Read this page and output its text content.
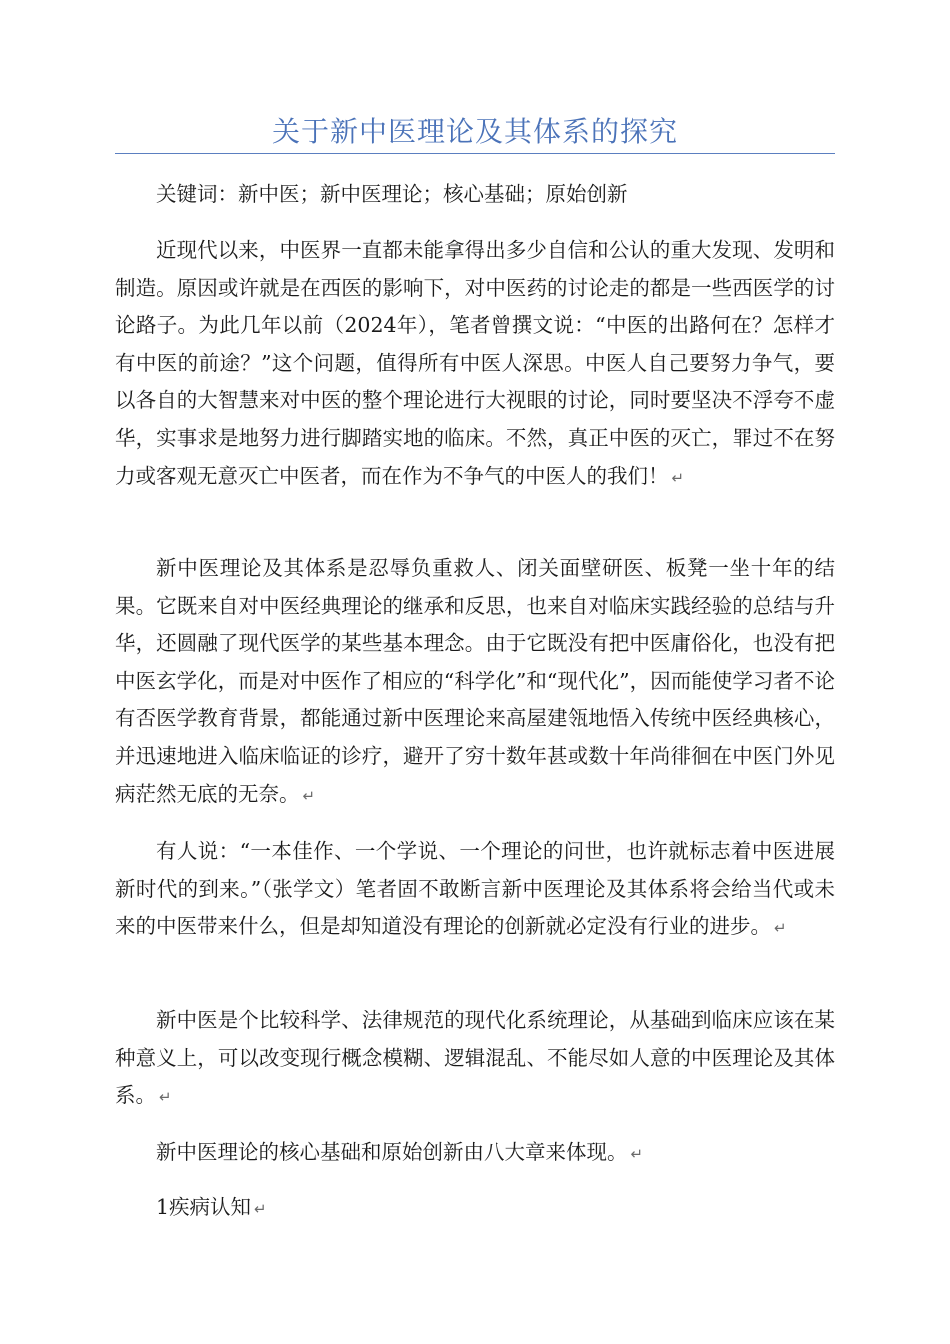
关于新中医理论及其体系的探究

关键词：新中医；新中医理论；核心基础；原始创新

近现代以来，中医界一直都未能拿得出多少自信和公认的重大发现、发明和制造。原因或许就是在西医的影响下，对中医药的讨论走的都是一些西医学的讨论路子。为此几年以前（2024年），笔者曾撰文说：“中医的出路何在？怎样才有中医的前途？”这个问题，值得所有中医人深思。中医人自己要努力争气，要以各自的大智慧来对中医的整个理论进行大视眼的讨论，同时要坚决不浮夸不虚华，实事求是地努力进行脚踏实地的临床。不然，真正中医的灭亡，罪过不在努力或客观无意灭亡中医者，而在作为不争气的中医人的我们！ ↵

新中医理论及其体系是忍辱负重救人、闭关面壁研医、板凳一坐十年的结果。它既来自对中医经典理论的继承和反思，也来自对临床实践经验的总结与升华，还圆融了现代医学的某些基本理念。由于它既没有把中医庸俗化，也没有把中医玄学化，而是对中医作了相应的“科学化”和“现代化”，因而能使学习者不论有否医学教育背景，都能通过新中医理论来高屋建瓴地悟入传统中医经典核心，并迅速地进入临床临证的诊疗，避开了穷十数年甚或数十年尚徘徊在中医门外见病茫然无底的无奈。 ↵

有人说：“一本佳作、一个学说、一个理论的问世，也许就标志着中医进展新时代的到来。”（张学文）笔者固不敢断言新中医理论及其体系将会给当代或未来的中医带来什么，但是却知道没有理论的创新就必定没有行业的进步。 ↵

新中医是个比较科学、法律规范的现代化系统理论，从基础到临床应该在某种意义上，可以改变现行概念模糊、逻辑混乱、不能尽如人意的中医理论及其体系。 ↵

新中医理论的核心基础和原始创新由八大章来体现。 ↵

1疾病认知 ↵
